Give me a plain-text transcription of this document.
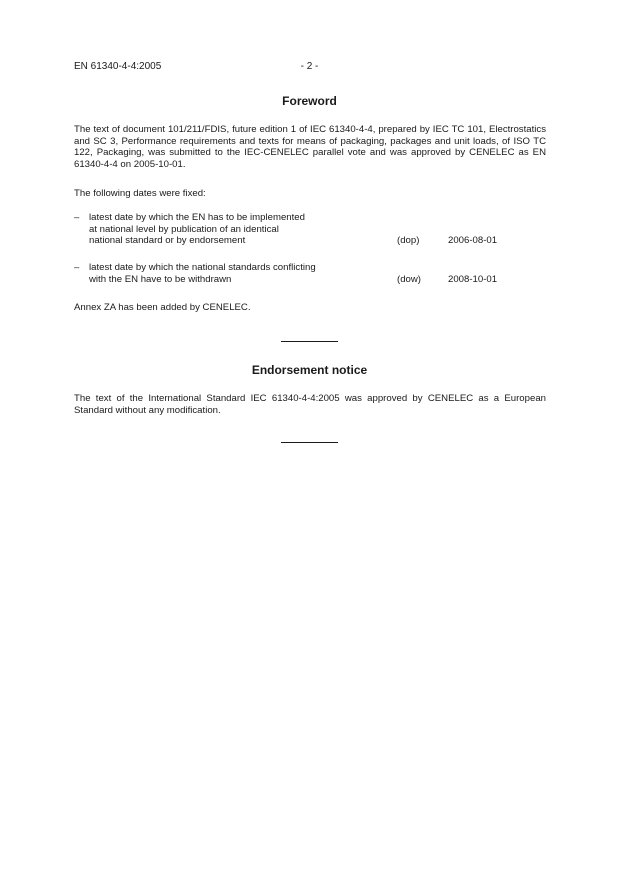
EN 61340-4-4:2005	- 2 -
Foreword
The text of document 101/211/FDIS, future edition 1 of IEC 61340-4-4, prepared by IEC TC 101, Electrostatics and SC 3, Performance requirements and texts for means of packaging, packages and unit loads, of ISO TC 122, Packaging, was submitted to the IEC-CENELEC parallel vote and was approved by CENELEC as EN 61340-4-4 on 2005-10-01.
The following dates were fixed:
– latest date by which the EN has to be implemented
at national level by publication of an identical
national standard or by endorsement	(dop)	2006-08-01
– latest date by which the national standards conflicting
with the EN have to be withdrawn	(dow)	2008-10-01
Annex ZA has been added by CENELEC.
Endorsement notice
The text of the International Standard IEC 61340-4-4:2005 was approved by CENELEC as a European Standard without any modification.
